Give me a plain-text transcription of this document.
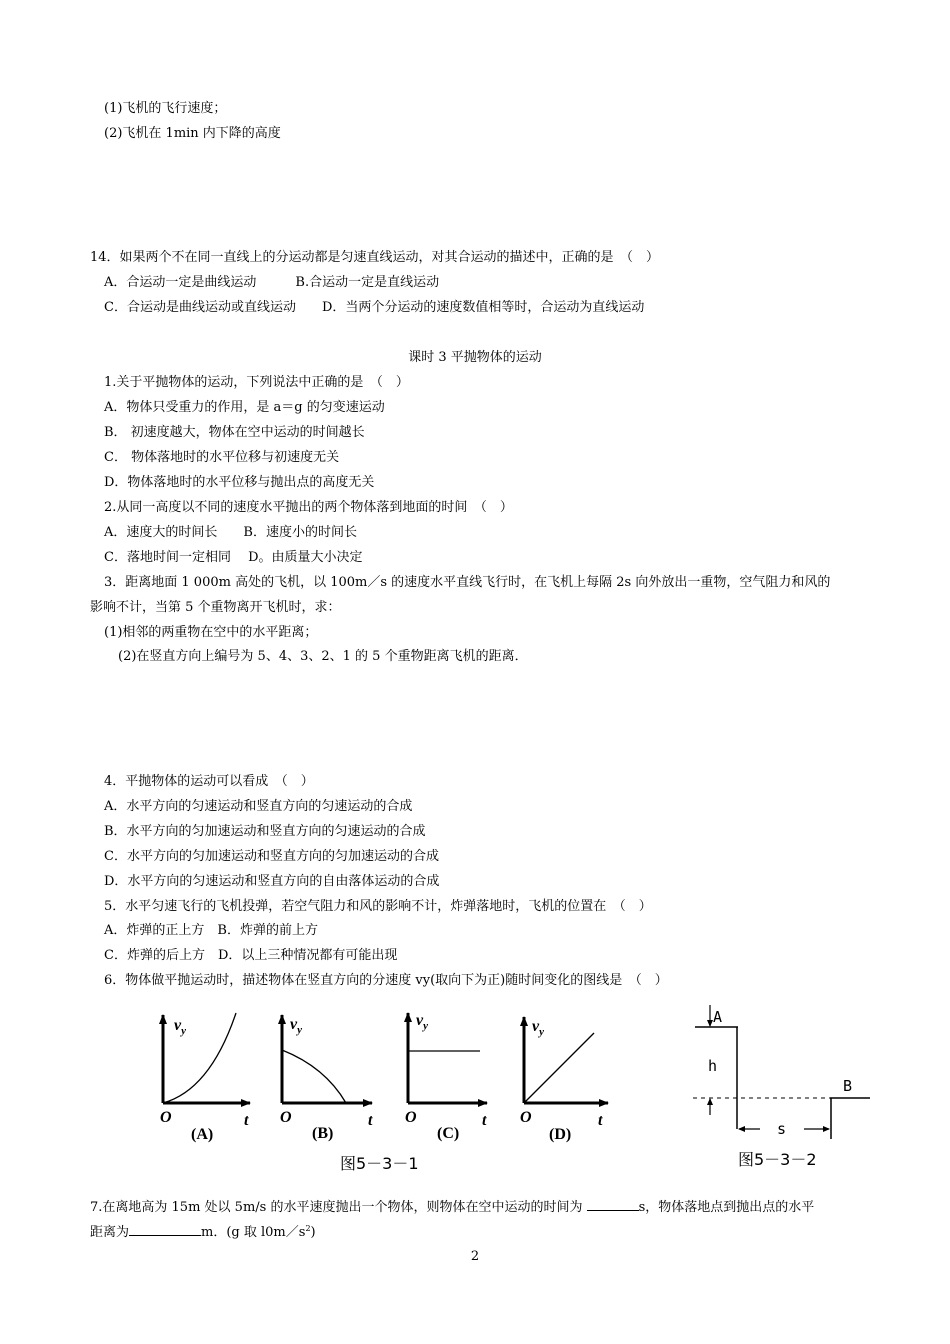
(1)飞机的飞行速度；
(2)飞机在 1min 内下降的高度
14．如果两个不在同一直线上的分运动都是匀速直线运动，对其合运动的描述中，正确的是　（　）
A．合运动一定是曲线运动　　　B.合运动一定是直线运动
C．合运动是曲线运动或直线运动　　D．当两个分运动的速度数值相等时，合运动为直线运动
课时 3 平抛物体的运动
1.关于平抛物体的运动，下列说法中正确的是　（　）
A．物体只受重力的作用，是 a＝g 的匀变速运动
B． 初速度越大，物体在空中运动的时间越长
C． 物体落地时的水平位移与初速度无关
D．物体落地时的水平位移与抛出点的高度无关
2.从同一高度以不同的速度水平抛出的两个物体落到地面的时间　（　）
A．速度大的时间长　　B．速度小的时间长
C．落地时间一定相同　 D。由质量大小决定
3．距离地面 1 000m 高处的飞机，以 100m／s 的速度水平直线飞行时，在飞机上每隔 2s 向外放出一重物，空气阻力和风的
影响不计，当第 5 个重物离开飞机时，求：
(1)相邻的两重物在空中的水平距离；
(2)在竖直方向上编号为 5、4、3、2、1 的 5 个重物距离飞机的距离．
4．平抛物体的运动可以看成　（　）
A．水平方向的匀速运动和竖直方向的匀速运动的合成
B．水平方向的匀加速运动和竖直方向的匀速运动的合成
C．水平方向的匀加速运动和竖直方向的匀加速运动的合成
D．水平方向的匀速运动和竖直方向的自由落体运动的合成
5．水平匀速飞行的飞机投弹，若空气阻力和风的影响不计，炸弹落地时，飞机的位置在　（　）
A．炸弹的正上方　B．炸弹的前上方
C．炸弹的后上方　D．以上三种情况都有可能出现
6．物体做平抛运动时，描述物体在竖直方向的分速度 vy(取向下为正)随时间变化的图线是　（　）
$v_y$
O	t
(A)
$v_y$
O	t
(B)
$v_y$
O	t
(C)
图5－3－1
$v_y$
O	t
(D)
A
h
B
s
图5－3－2
7.在离地高为 15m 处以 5m/s 的水平速度抛出一个物体，则物体在空中运动的时间为	s，物体落地点到抛出点的水平
距离为	m．(g 取 $l0m/s^2$)
2
